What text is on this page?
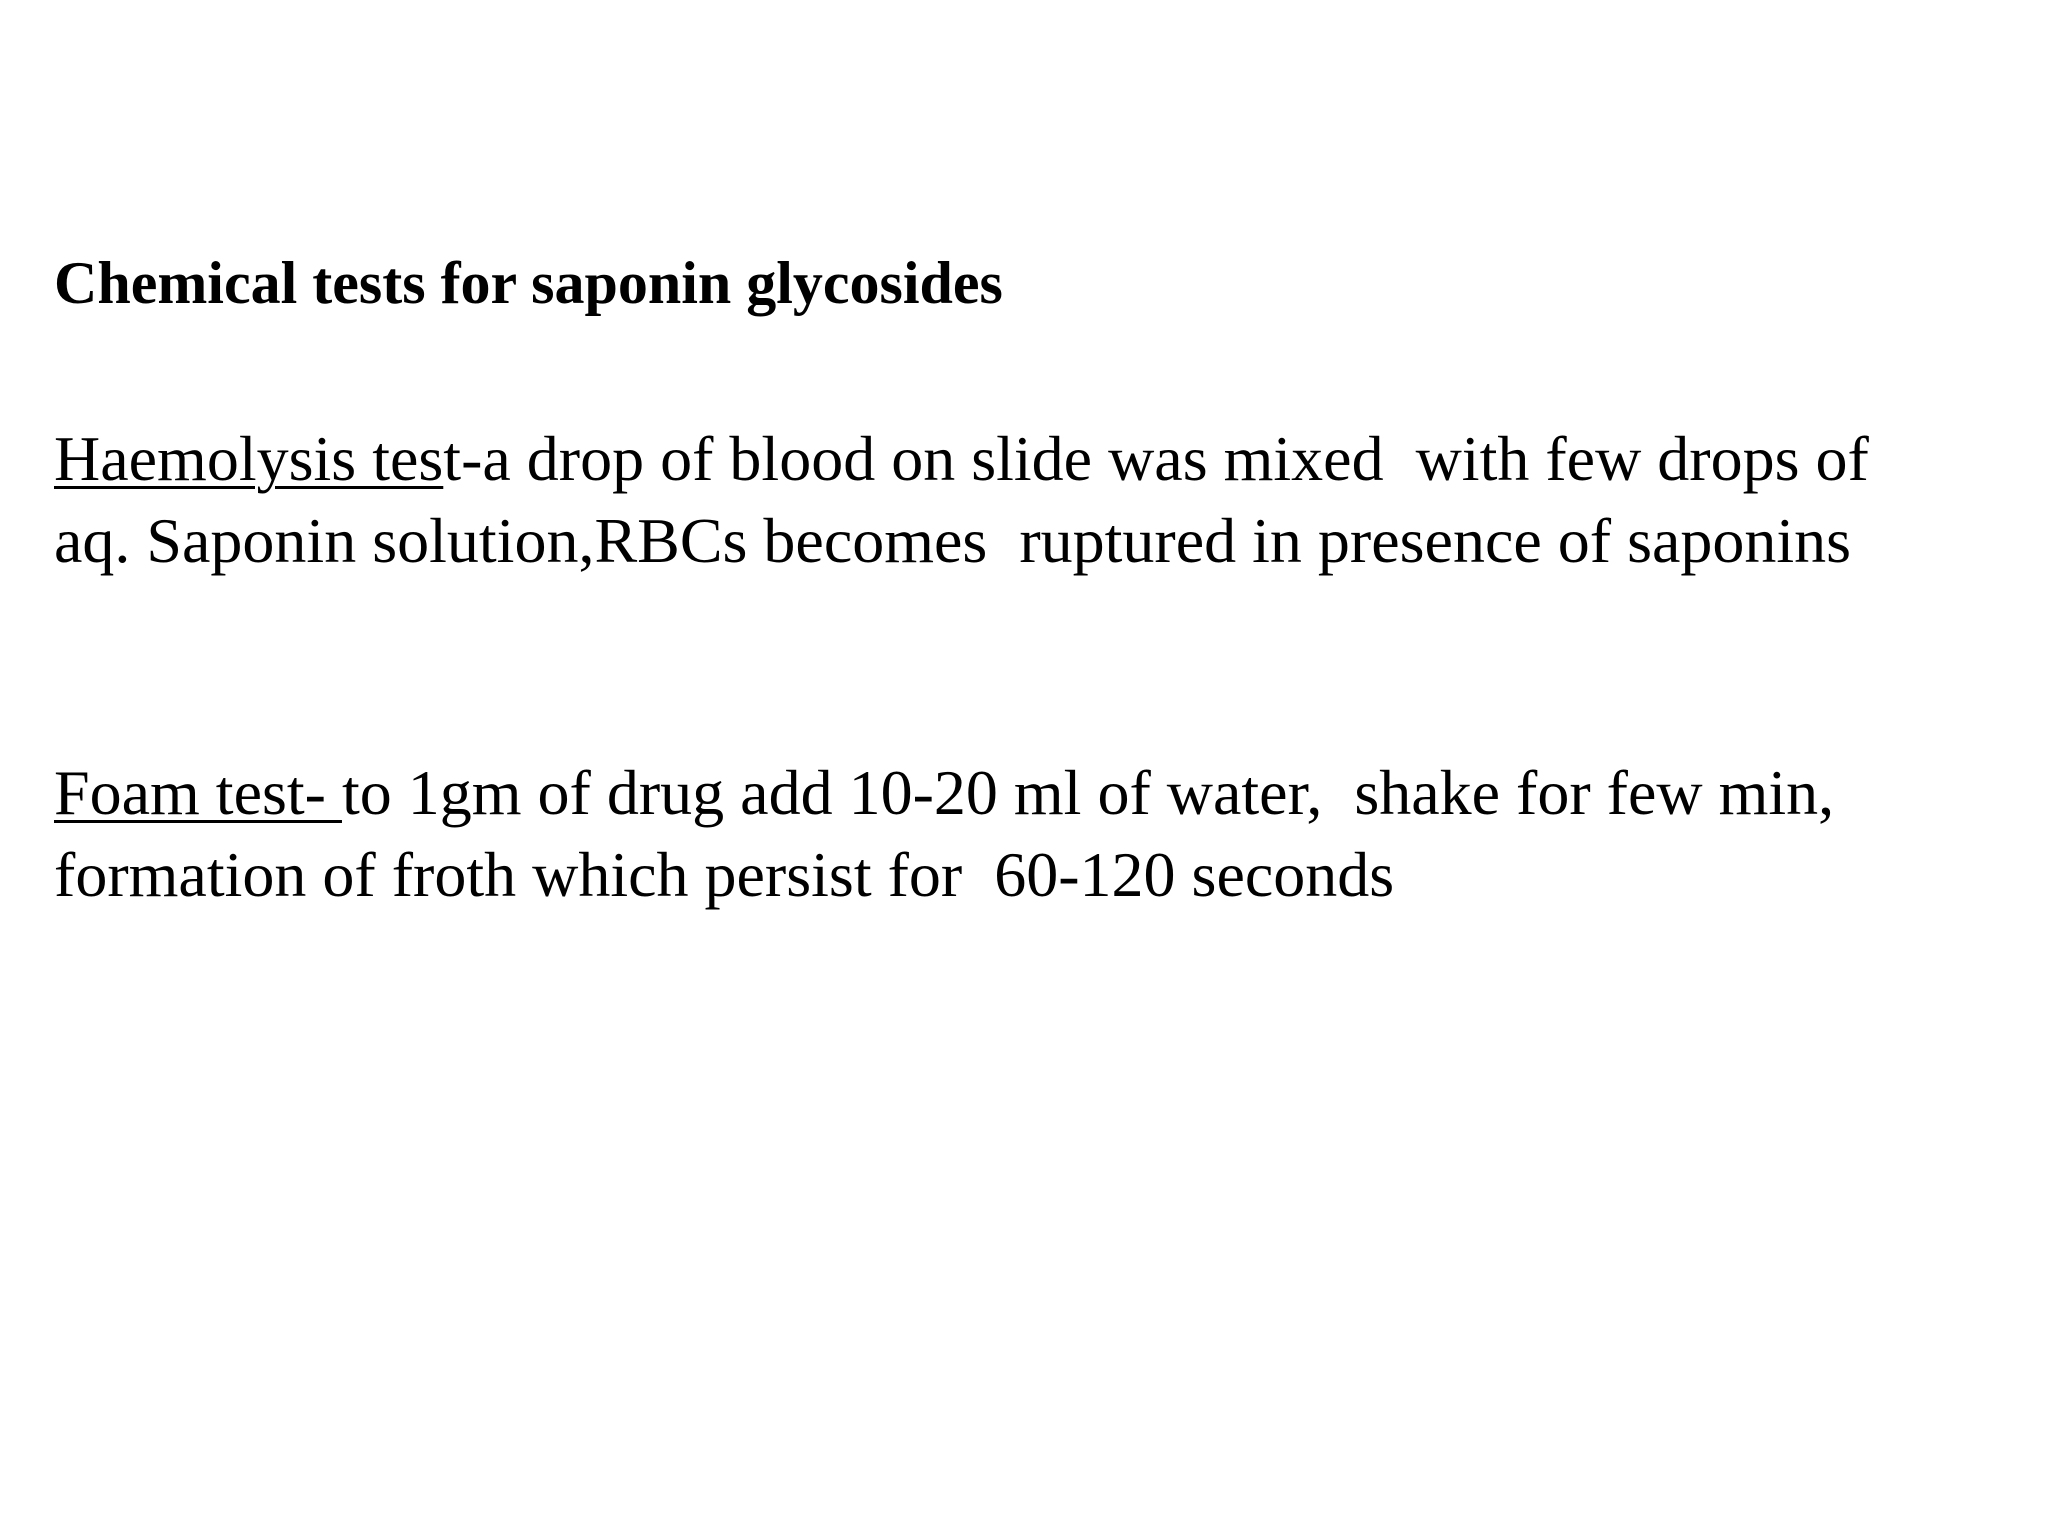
Chemical tests for saponin glycosides
Haemolysis test-a drop of blood on slide was mixed  with few drops of
aq. Saponin solution,RBCs becomes  ruptured in presence of saponins
Foam test- to 1gm of drug add 10-20 ml of water,  shake for few min,
formation of froth which persist for  60-120 seconds
